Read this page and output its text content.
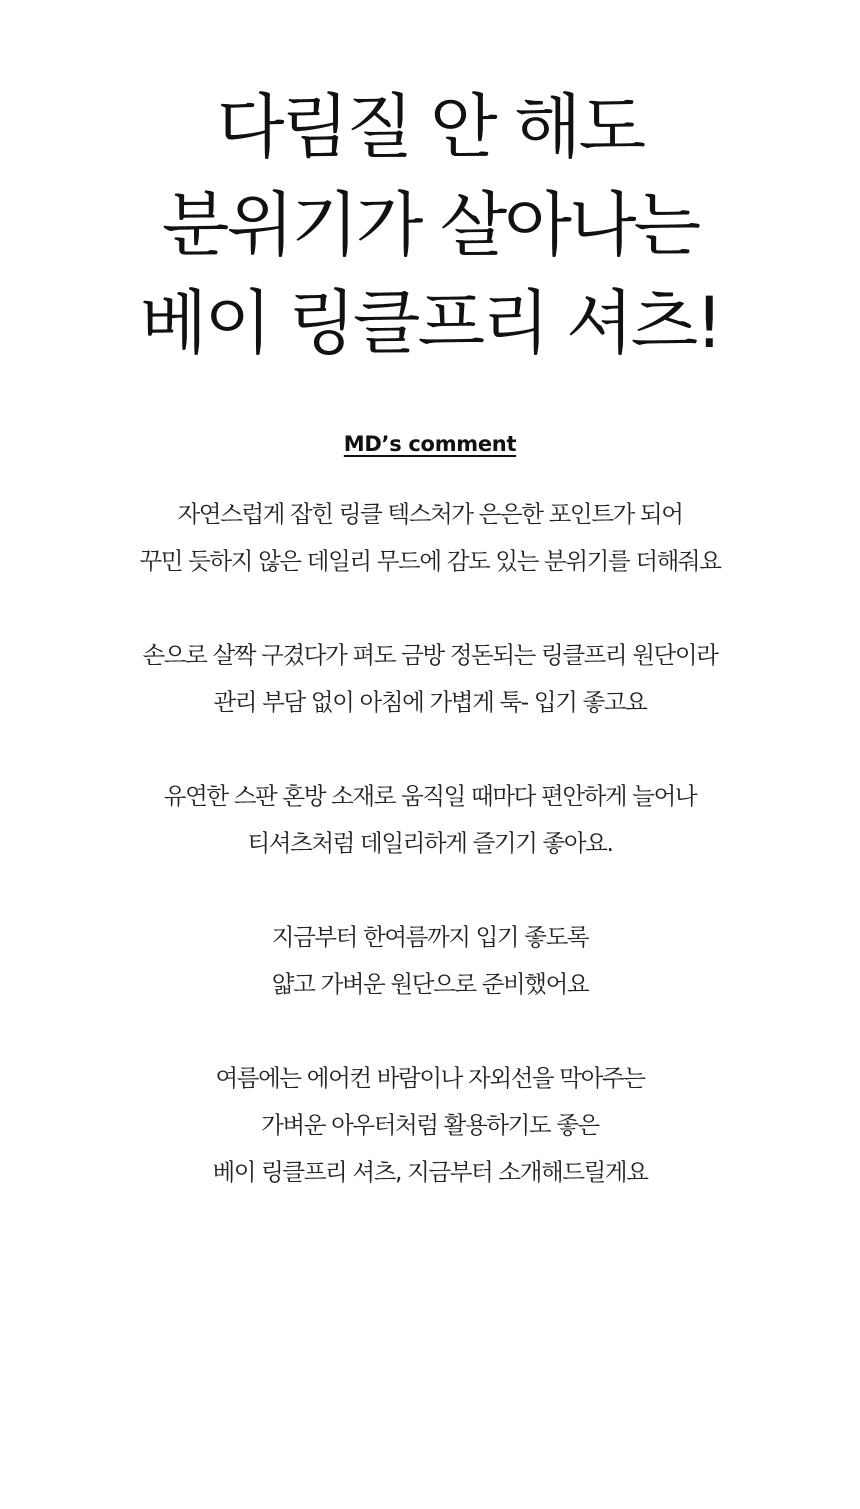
다림질 안 해도
분위기가 살아나는
베이 링클프리 셔츠!
MD’s comment
자연스럽게 잡힌 링클 텍스처가 은은한 포인트가 되어
꾸민 듯하지 않은 데일리 무드에 감도 있는 분위기를 더해줘요
손으로 살짝 구겼다가 펴도 금방 정돈되는 링클프리 원단이라
관리 부담 없이 아침에 가볍게 툭- 입기 좋고요
유연한 스판 혼방 소재로 움직일 때마다 편안하게 늘어나
티셔츠처럼 데일리하게 즐기기 좋아요.
지금부터 한여름까지 입기 좋도록
얇고 가벼운 원단으로 준비했어요
여름에는 에어컨 바람이나 자외선을 막아주는
가벼운 아우터처럼 활용하기도 좋은
베이 링클프리 셔츠, 지금부터 소개해드릴게요
